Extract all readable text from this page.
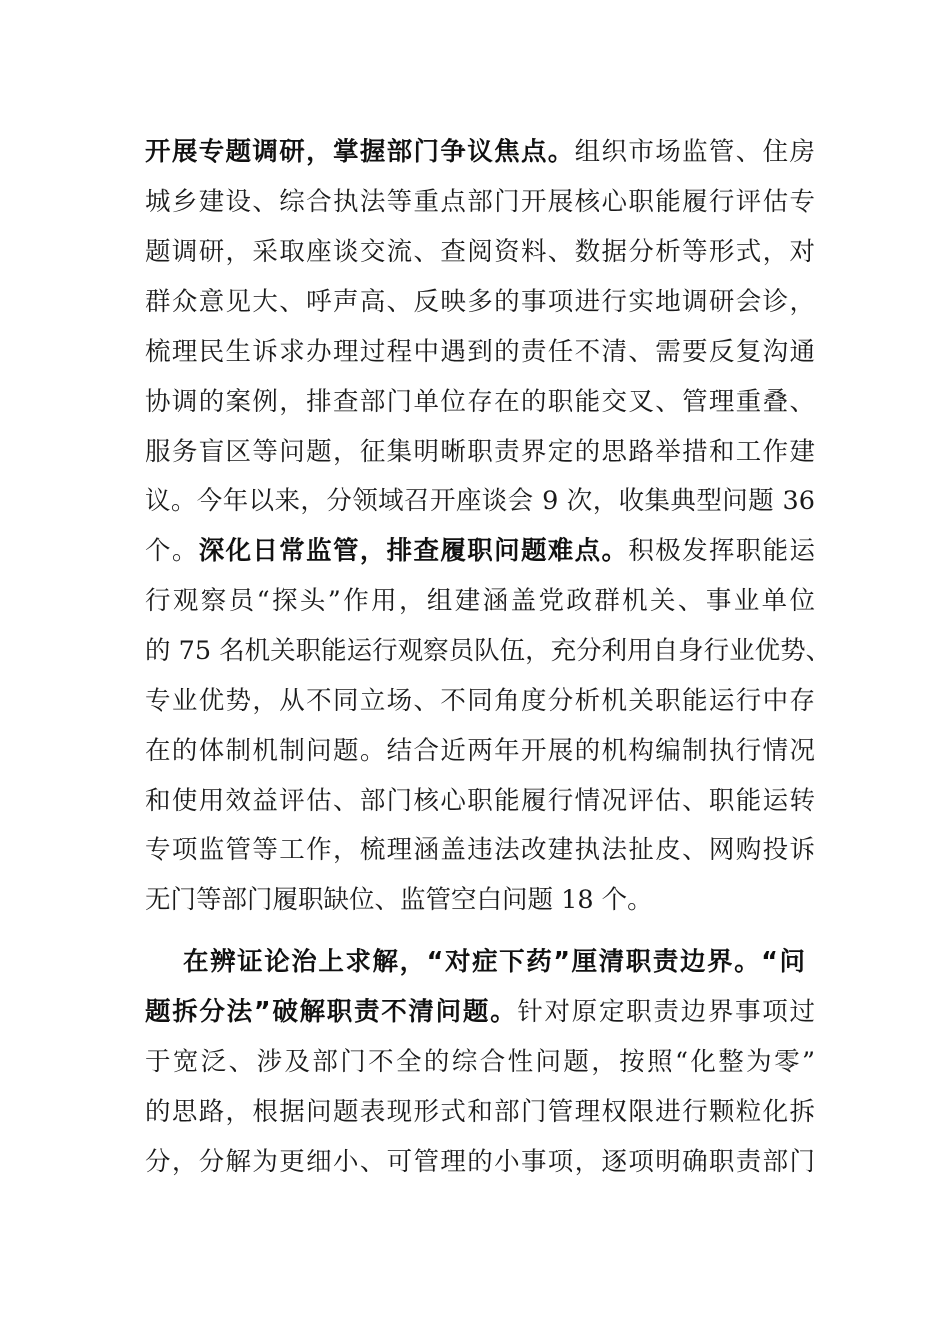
开展专题调研，掌握部门争议焦点。组织市场监管、住房
城乡建设、综合执法等重点部门开展核心职能履行评估专
题调研，采取座谈交流、查阅资料、数据分析等形式，对
群众意见大、呼声高、反映多的事项进行实地调研会诊，
梳理民生诉求办理过程中遇到的责任不清、需要反复沟通
协调的案例，排查部门单位存在的职能交叉、管理重叠、
服务盲区等问题，征集明晰职责界定的思路举措和工作建
议。今年以来，分领域召开座谈会 9 次，收集典型问题 36
个。深化日常监管，排查履职问题难点。积极发挥职能运
行观察员“探头”作用，组建涵盖党政群机关、事业单位
的 75 名机关职能运行观察员队伍，充分利用自身行业优势、
专业优势，从不同立场、不同角度分析机关职能运行中存
在的体制机制问题。结合近两年开展的机构编制执行情况
和使用效益评估、部门核心职能履行情况评估、职能运转
专项监管等工作，梳理涵盖违法改建执法扯皮、网购投诉
无门等部门履职缺位、监管空白问题 18 个。
在辨证论治上求解，“对症下药”厘清职责边界。“问
题拆分法”破解职责不清问题。针对原定职责边界事项过
于宽泛、涉及部门不全的综合性问题，按照“化整为零”
的思路，根据问题表现形式和部门管理权限进行颗粒化拆
分，分解为更细小、可管理的小事项，逐项明确职责部门
